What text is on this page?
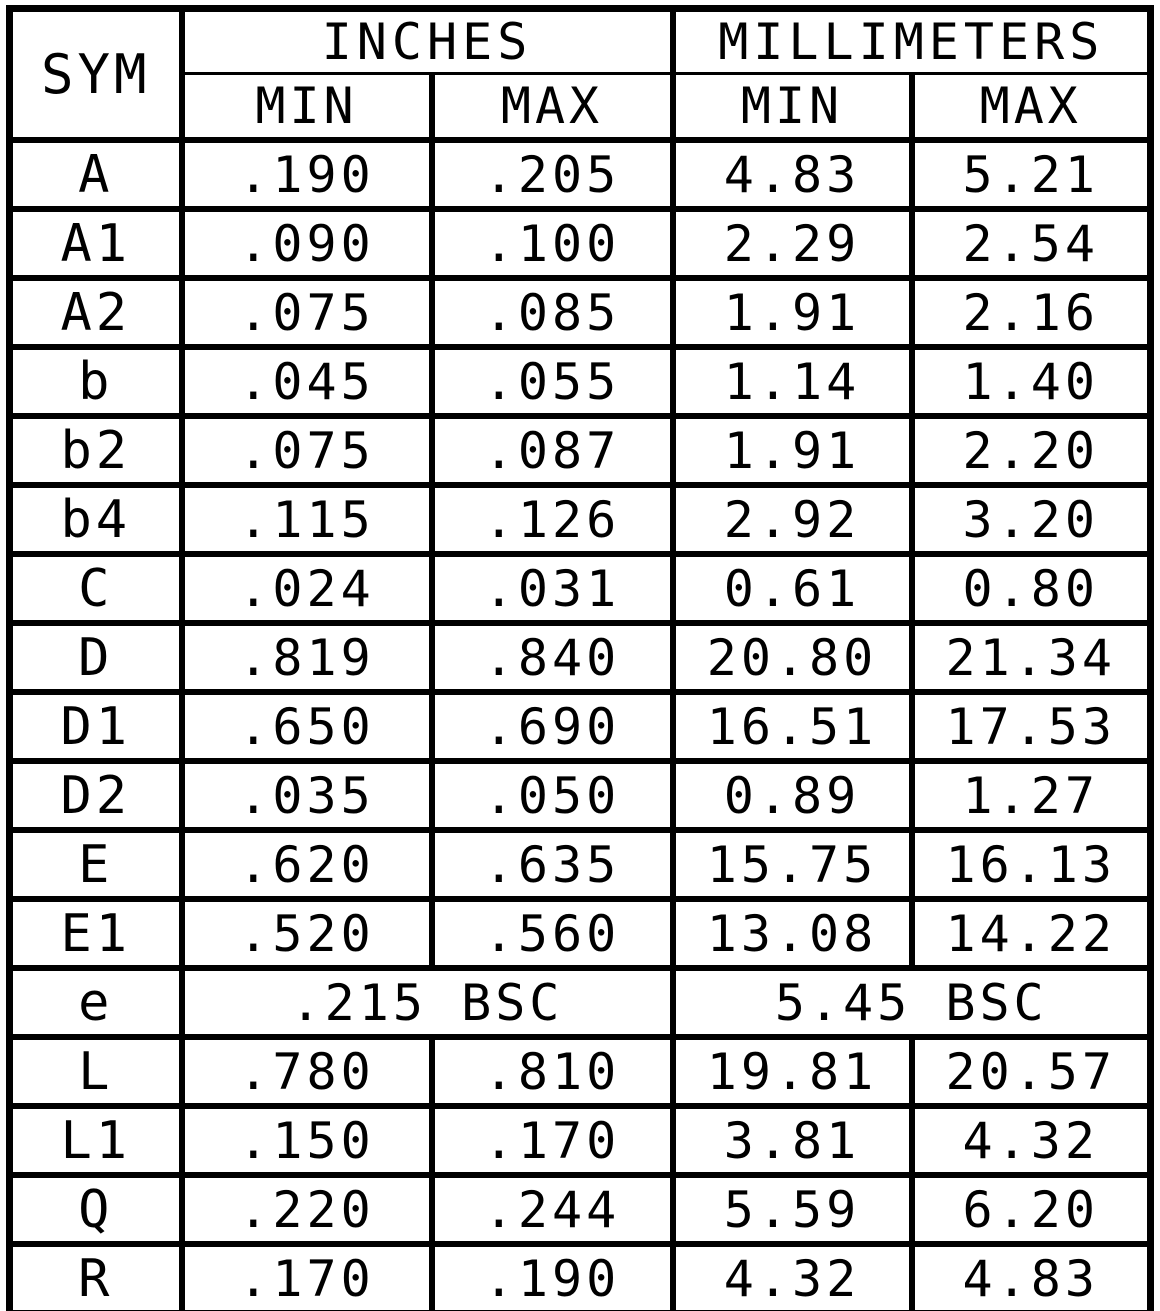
SYM	INCHES		MILLIMETERS	
	MIN	MAX	MIN	MAX
A	.190	.205	4.83	5.21
A1	.090	.100	2.29	2.54
A2	.075	.085	1.91	2.16
b	.045	.055	1.14	1.40
b2	.075	.087	1.91	2.20
b4	.115	.126	2.92	3.20
C	.024	.031	0.61	0.80
D	.819	.840	20.80	21.34
D1	.650	.690	16.51	17.53
D2	.035	.050	0.89	1.27
E	.620	.635	15.75	16.13
E1	.520	.560	13.08	14.22
e	.215 BSC		5.45 BSC	
L	.780	.810	19.81	20.57
L1	.150	.170	3.81	4.32
Q	.220	.244	5.59	6.20
R	.170	.190	4.32	4.83
